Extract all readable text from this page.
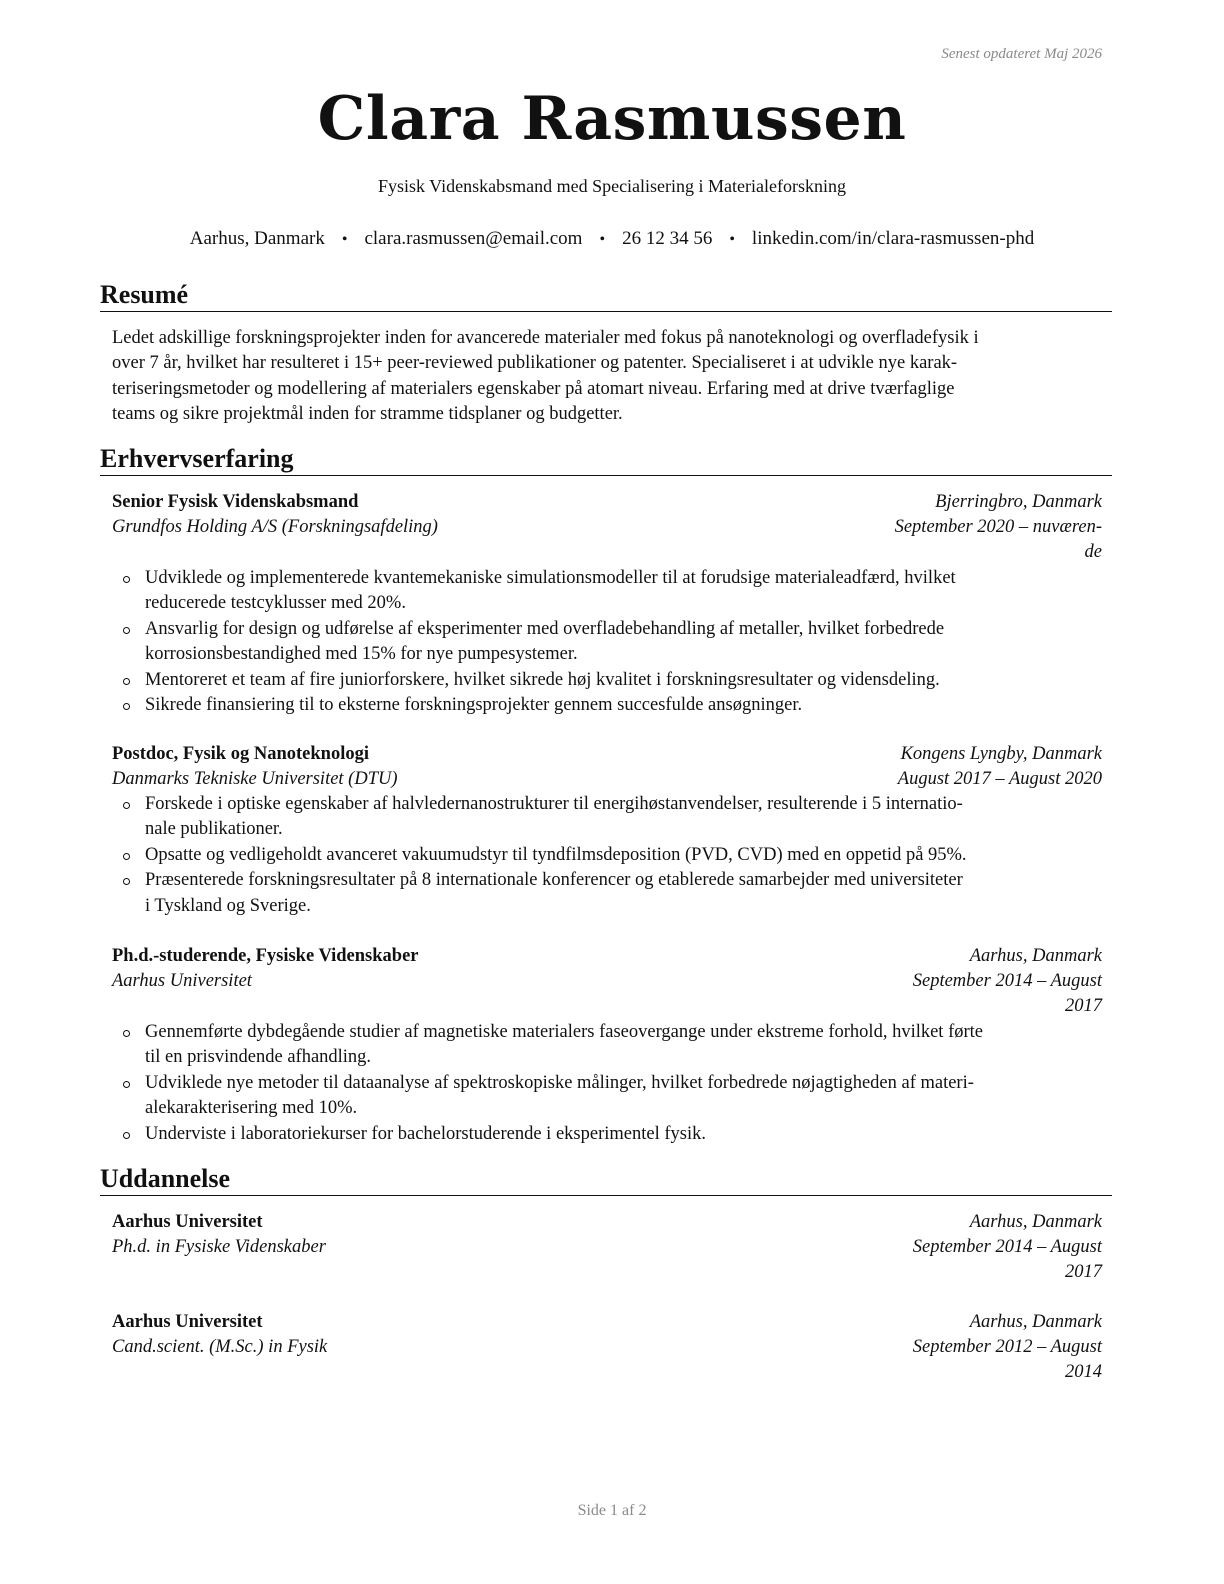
Senest opdateret Maj 2026
Clara Rasmussen
Fysisk Videnskabsmand med Specialisering i Materialeforskning
Aarhus, Danmark • clara.rasmussen@email.com • 26 12 34 56 • linkedin.com/in/clara-rasmussen-phd
Resumé
Ledet adskillige forskningsprojekter inden for avancerede materialer med fokus på nanoteknologi og overfladefysik i
over 7 år, hvilket har resulteret i 15+ peer-reviewed publikationer og patenter. Specialiseret i at udvikle nye karak-
teriseringsmetoder og modellering af materialers egenskaber på atomart niveau. Erfaring med at drive tværfaglige
teams og sikre projektmål inden for stramme tidsplaner og budgetter.
Erhvervserfaring
Senior Fysisk Videnskabsmand	Bjerringbro, Danmark
Grundfos Holding A/S (Forskningsafdeling)	September 2020 – nuværen-
de
Udviklede og implementerede kvantemekaniske simulationsmodeller til at forudsige materialeadfærd, hvilket
reducerede testcyklusser med 20%.
Ansvarlig for design og udførelse af eksperimenter med overfladebehandling af metaller, hvilket forbedrede
korrosionsbestandighed med 15% for nye pumpesystemer.
Mentoreret et team af fire juniorforskere, hvilket sikrede høj kvalitet i forskningsresultater og vidensdeling.
Sikrede finansiering til to eksterne forskningsprojekter gennem succesfulde ansøgninger.
Postdoc, Fysik og Nanoteknologi	Kongens Lyngby, Danmark
Danmarks Tekniske Universitet (DTU)	August 2017 – August 2020
Forskede i optiske egenskaber af halvledernanostrukturer til energihøstanvendelser, resulterende i 5 internatio-
nale publikationer.
Opsatte og vedligeholdt avanceret vakuumudstyr til tyndfilmsdeposition (PVD, CVD) med en oppetid på 95%.
Præsenterede forskningsresultater på 8 internationale konferencer og etablerede samarbejder med universiteter
i Tyskland og Sverige.
Ph.d.-studerende, Fysiske Videnskaber	Aarhus, Danmark
Aarhus Universitet	September 2014 – August
2017
Gennemførte dybdegående studier af magnetiske materialers faseovergange under ekstreme forhold, hvilket førte
til en prisvindende afhandling.
Udviklede nye metoder til dataanalyse af spektroskopiske målinger, hvilket forbedrede nøjagtigheden af materi-
alekarakterisering med 10%.
Underviste i laboratoriekurser for bachelorstuderende i eksperimentel fysik.
Uddannelse
Aarhus Universitet	Aarhus, Danmark
Ph.d. in Fysiske Videnskaber	September 2014 – August
2017
Aarhus Universitet	Aarhus, Danmark
Cand.scient. (M.Sc.) in Fysik	September 2012 – August
2014
Side 1 af 2
